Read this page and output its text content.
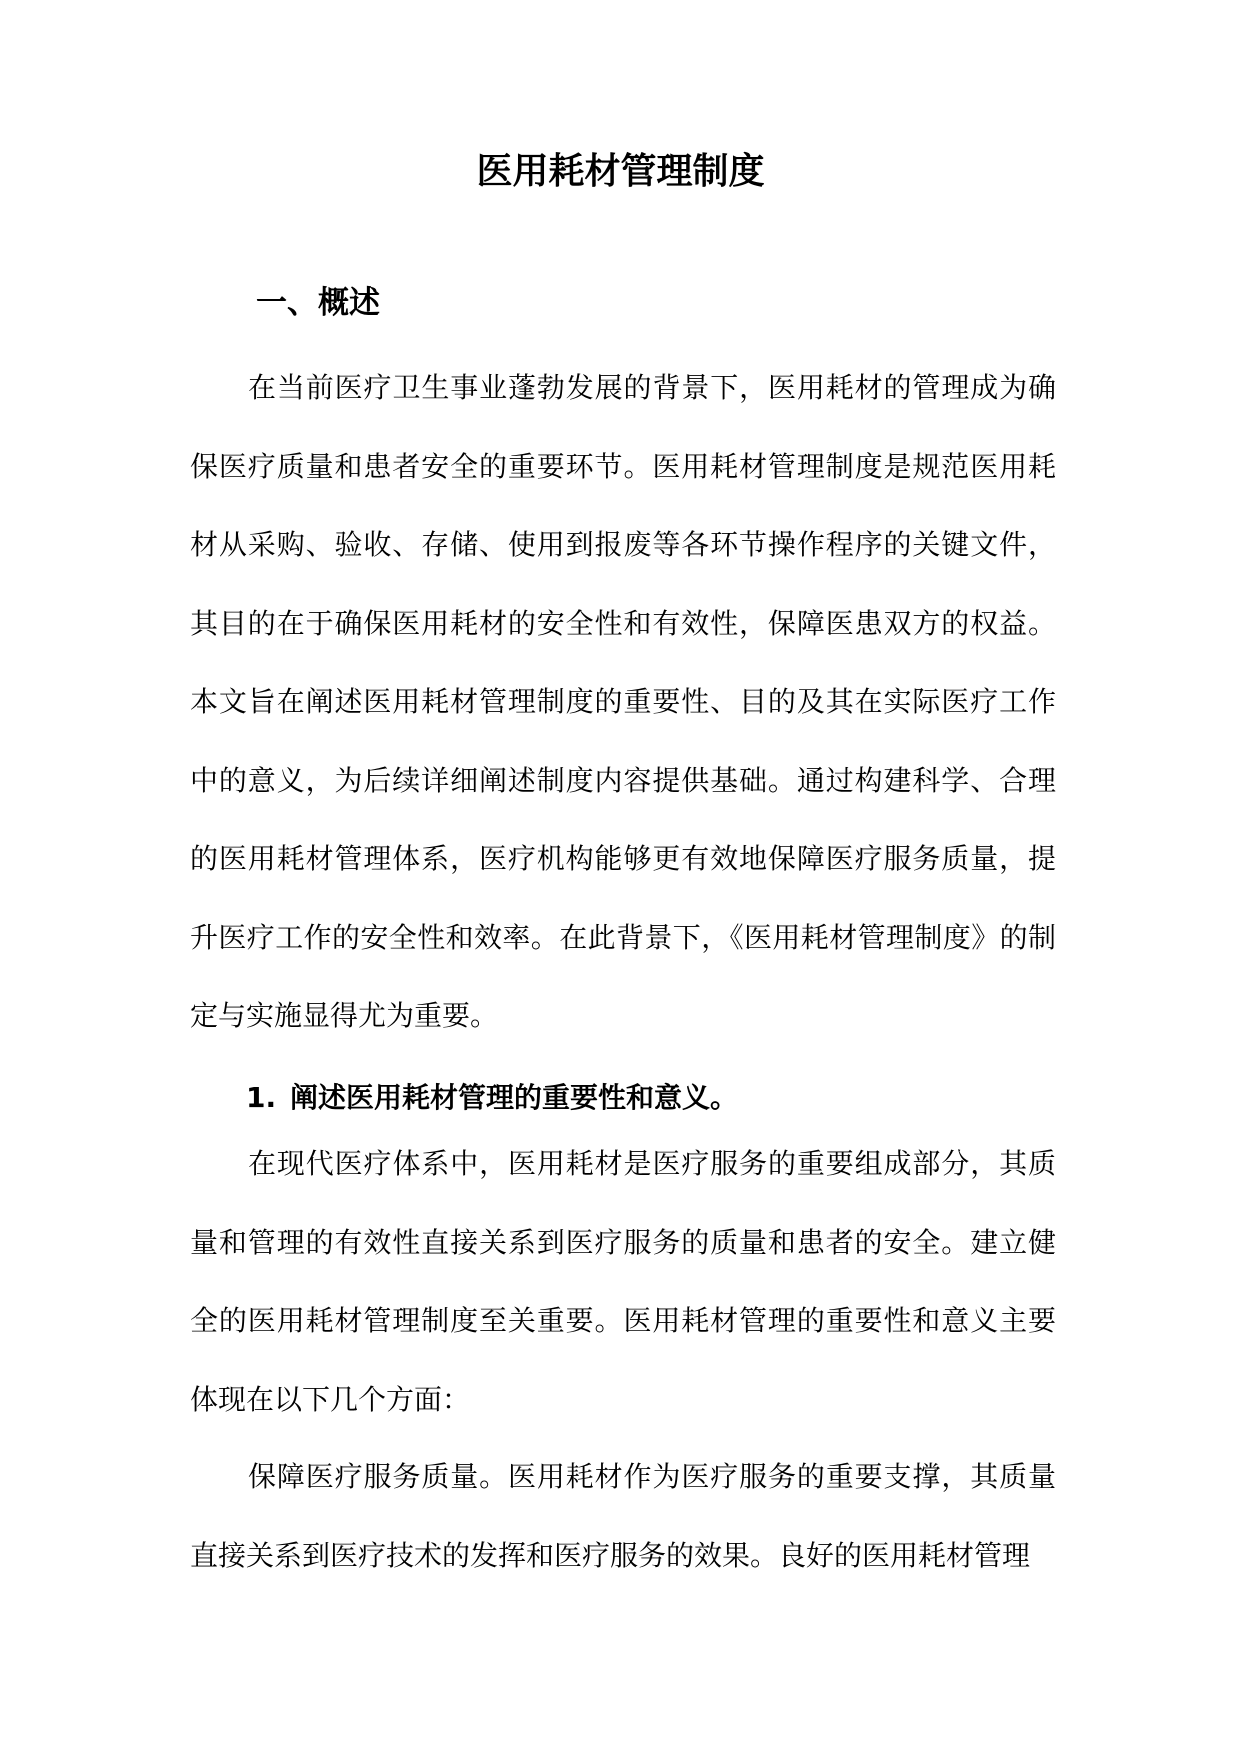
医用耗材管理制度
一、概述

在当前医疗卫生事业蓬勃发展的背景下，医用耗材的管理成为确保医疗质量和患者安全的重要环节。医用耗材管理制度是规范医用耗材从采购、验收、存储、使用到报废等各环节操作程序的关键文件，其目的在于确保医用耗材的安全性和有效性，保障医患双方的权益。本文旨在阐述医用耗材管理制度的重要性、目的及其在实际医疗工作中的意义，为后续详细阐述制度内容提供基础。通过构建科学、合理的医用耗材管理体系，医疗机构能够更有效地保障医疗服务质量，提升医疗工作的安全性和效率。在此背景下，《医用耗材管理制度》的制定与实施显得尤为重要。

1. 阐述医用耗材管理的重要性和意义。

在现代医疗体系中，医用耗材是医疗服务的重要组成部分，其质量和管理的有效性直接关系到医疗服务的质量和患者的安全。建立健全的医用耗材管理制度至关重要。医用耗材管理的重要性和意义主要体现在以下几个方面：

保障医疗服务质量。医用耗材作为医疗服务的重要支撑，其质量直接关系到医疗技术的发挥和医疗服务的效果。良好的医用耗材管理
